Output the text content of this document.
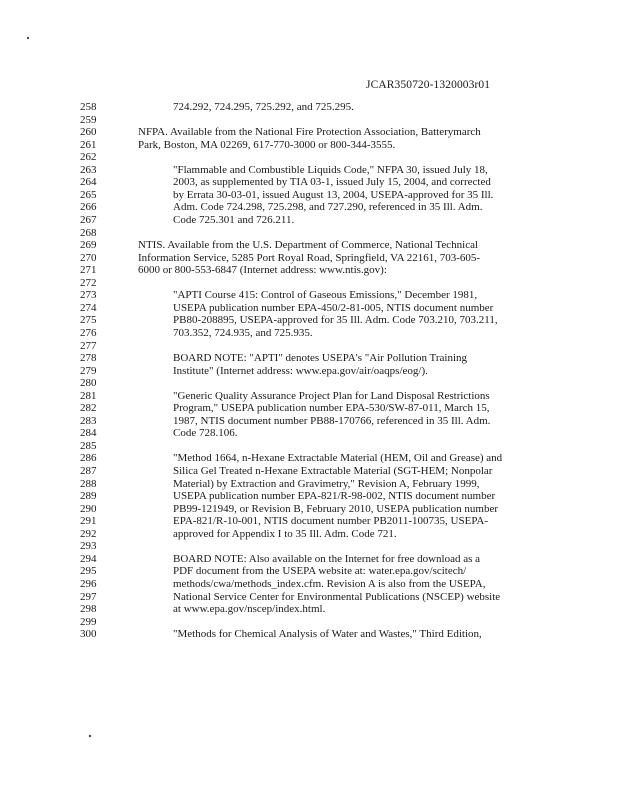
JCAR350720-1320003r01
258	724.292, 724.295, 725.292, and 725.295.
259
260	NFPA. Available from the National Fire Protection Association, Batterymarch
261	Park, Boston, MA 02269, 617-770-3000 or 800-344-3555.
262
263	"Flammable and Combustible Liquids Code," NFPA 30, issued July 18,
264	2003, as supplemented by TIA 03-1, issued July 15, 2004, and corrected
265	by Errata 30-03-01, issued August 13, 2004, USEPA-approved for 35 Ill.
266	Adm. Code 724.298, 725.298, and 727.290, referenced in 35 Ill. Adm.
267	Code 725.301 and 726.211.
268
269	NTIS. Available from the U.S. Department of Commerce, National Technical
270	Information Service, 5285 Port Royal Road, Springfield, VA 22161, 703-605-
271	6000 or 800-553-6847 (Internet address: www.ntis.gov):
272
273	"APTI Course 415: Control of Gaseous Emissions," December 1981,
274	USEPA publication number EPA-450/2-81-005, NTIS document number
275	PB80-208895, USEPA-approved for 35 Ill. Adm. Code 703.210, 703.211,
276	703.352, 724.935, and 725.935.
277
278	BOARD NOTE: "APTI" denotes USEPA's "Air Pollution Training
279	Institute" (Internet address: www.epa.gov/air/oaqps/eog/).
280
281	"Generic Quality Assurance Project Plan for Land Disposal Restrictions
282	Program," USEPA publication number EPA-530/SW-87-011, March 15,
283	1987, NTIS document number PB88-170766, referenced in 35 Ill. Adm.
284	Code 728.106.
285
286	"Method 1664, n-Hexane Extractable Material (HEM, Oil and Grease) and
287	Silica Gel Treated n-Hexane Extractable Material (SGT-HEM; Nonpolar
288	Material) by Extraction and Gravimetry," Revision A, February 1999,
289	USEPA publication number EPA-821/R-98-002, NTIS document number
290	PB99-121949, or Revision B, February 2010, USEPA publication number
291	EPA-821/R-10-001, NTIS document number PB2011-100735, USEPA-
292	approved for Appendix I to 35 Ill. Adm. Code 721.
293
294	BOARD NOTE: Also available on the Internet for free download as a
295	PDF document from the USEPA website at: water.epa.gov/scitech/
296	methods/cwa/methods_index.cfm. Revision A is also from the USEPA,
297	National Service Center for Environmental Publications (NSCEP) website
298	at www.epa.gov/nscep/index.html.
299
300	"Methods for Chemical Analysis of Water and Wastes," Third Edition,
